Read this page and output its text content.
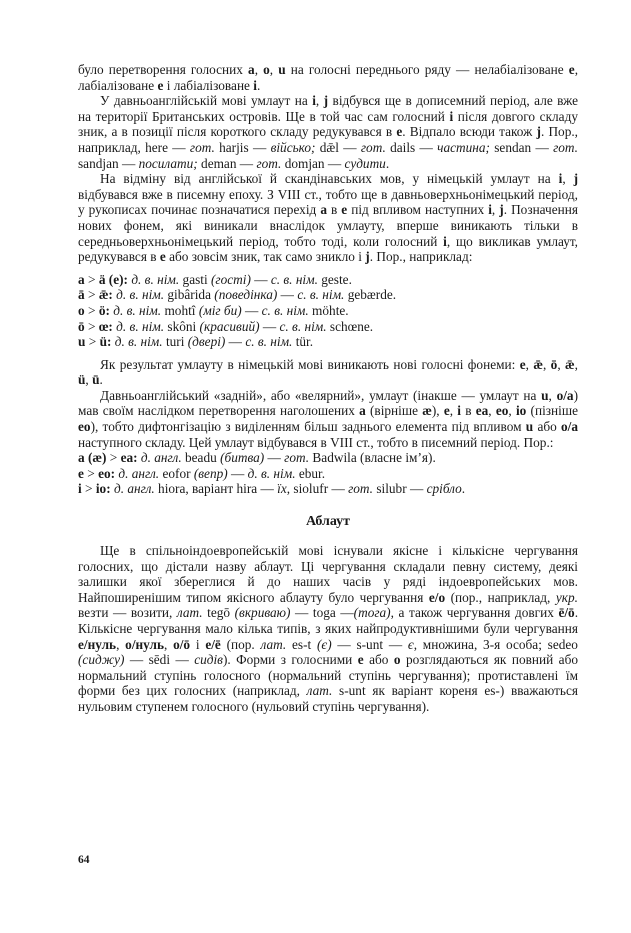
було перетворення голосних а, о, u на голосні переднього ряду — нелабіалізоване е, лабіалізоване е і лабіалізоване і.

У давньоанглійській мові умлаут на і, j відбувся ще в дописемний період, але вже на території Британських островів. Ще в той час сам голосний і після довгого складу зник, а в позиції після короткого складу редукувався в е. Відпало всюди також j. Пор., наприклад, here — гот. harjis — військо; dǣl — гот. dails — частина; sendan — гот. sandjan — посилати; deman — гот. domjan — судити.

На відміну від англійської й скандінавських мов, у німецькій умлаут на і, j відбувався вже в писемну епоху. З VIII ст., тобто ще в давньоверхньонімецький період, у рукописах починає позначатися перехід а в е під впливом наступних і, j. Позначення нових фонем, які виникали внаслідок умлауту, вперше виникають тільки в середньоверхньонімецький період, тобто тоді, коли голосний і, що викликав умлаут, редукувався в е або зовсім зник, так само зникло і j. Пор., наприклад:

a > ä (e): д. в. нім. gasti (гості) — с. в. нім. geste.
ā > ǣ: д. в. нім. gibârida (поведінка) — с. в. нім. gebærde.
o > ö: д. в. нім. mohtî (міг би) — с. в. нім. möhte.
ō > œ: д. в. нім. skôni (красивий) — с. в. нім. schœne.
u > ü: д. в. нім. turi (двері) — с. в. нім. tür.

Як результат умлауту в німецькій мові виникають нові голосні фонеми: е, ǣ, ō, ǣ, ü, ū.

Давньоанглійський «задній», або «велярний», умлаут (інакше — умлаут на u, o/a) мав своїм наслідком перетворення наголошених а (вірніше æ), е, і в ea, eo, io (пізніше eo), тобто дифтонгізацію з виділенням більш заднього елемента під впливом u або o/a наступного складу. Цей умлаут відбувався в VIII ст., тобто в писемний період. Пор.:

a (æ) > ea: д. англ. beadu (битва) — гот. Badwila (власне ім’я).
e > eo: д. англ. eofor (вепр) — д. в. нім. ebur.
i > io: д. англ. hiora, варіант hira — їх, siolufr — гот. silubr — срібло.
Аблаут

Ще в спільноіндоевропейській мові існували якісне і кількісне чергування голосних, що дістали назву аблаут. Ці чергування складали певну систему, деякі залишки якої збереглися й до наших часів у ряді індоевропейських мов. Найпоширенішим типом якісного аблауту було чергування е/о (пор., наприклад, укр. везти — возити, лат. tegō (вкриваю) — toga —(тога), а також чергування довгих ē/ō. Кількісне чергування мало кілька типів, з яких найпродуктивнішими були чергування е/нуль, о/нуль, о/ō і е/ē (пор. лат. es-t (є) — s-unt — є, множина, 3-я особа; sedeo (сиджу) — sēdi — сидів). Форми з голосними е або о розглядаються як повний або нормальний ступінь голосного (нормальний ступінь чергування); протиставлені їм форми без цих голосних (наприклад, лат. s-unt як варіант кореня es-) вважаються нульовим ступенем голосного (нульовий ступінь чергування).

64
